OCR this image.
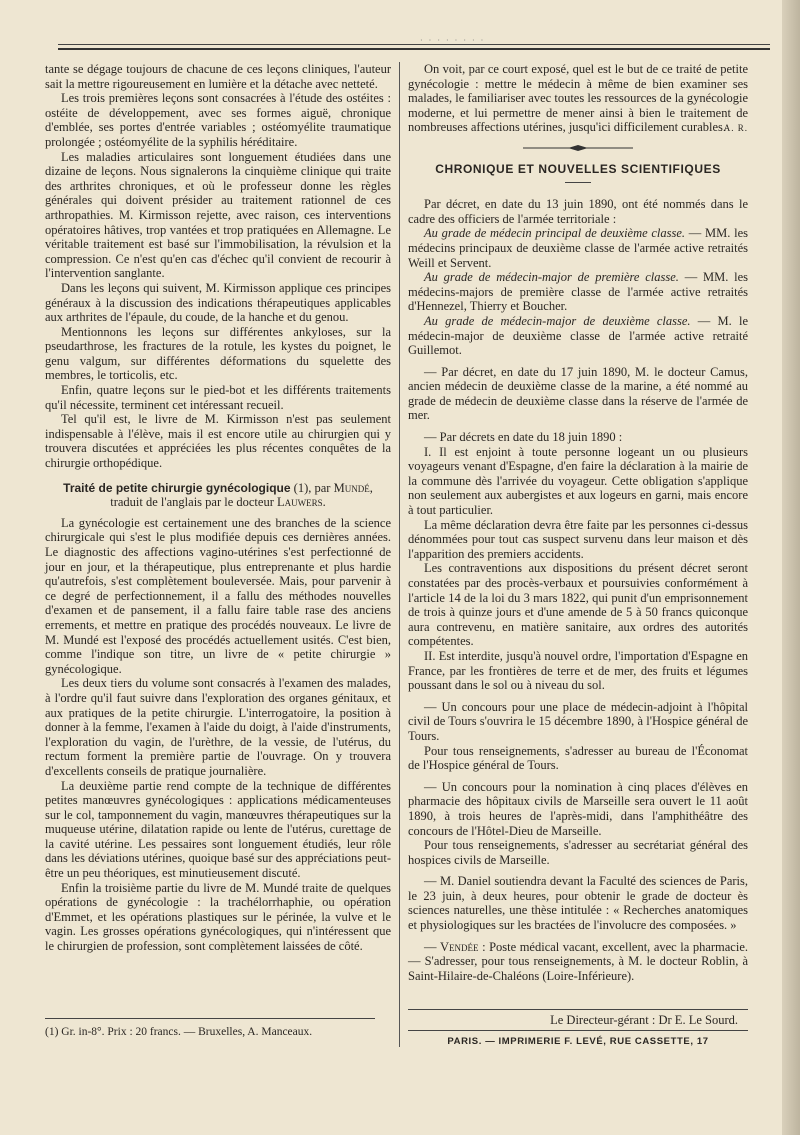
· · · · · · · ·

tante se dégage toujours de chacune de ces leçons cliniques, l'auteur sait la mettre rigoureusement en lumière et la détache avec netteté.

Les trois premières leçons sont consacrées à l'étude des ostéites : ostéite de développement, avec ses formes aiguë, chronique d'emblée, ses portes d'entrée variables ; ostéomyélite traumatique prolongée ; ostéomyélite de la syphilis héréditaire.

Les maladies articulaires sont longuement étudiées dans une dizaine de leçons. Nous signalerons la cinquième clinique qui traite des arthrites chroniques, et où le professeur donne les règles générales qui doivent présider au traitement rationnel de ces arthropathies. M. Kirmisson rejette, avec raison, ces interventions opératoires hâtives, trop vantées et trop pratiquées en Allemagne. Le véritable traitement est basé sur l'immobilisation, la révulsion et la compression. Ce n'est qu'en cas d'échec qu'il convient de recourir à l'intervention sanglante.

Dans les leçons qui suivent, M. Kirmisson applique ces principes généraux à la discussion des indications thérapeutiques applicables aux arthrites de l'épaule, du coude, de la hanche et du genou.

Mentionnons les leçons sur différentes ankyloses, sur la pseudarthrose, les fractures de la rotule, les kystes du poignet, le genu valgum, sur différentes déformations du squelette des membres, le torticolis, etc.

Enfin, quatre leçons sur le pied-bot et les différents traitements qu'il nécessite, terminent cet intéressant recueil.

Tel qu'il est, le livre de M. Kirmisson n'est pas seulement indispensable à l'élève, mais il est encore utile au chirurgien qui y trouvera discutées et appréciées les plus récentes conquêtes de la chirurgie orthopédique.

Traité de petite chirurgie gynécologique (1), par Mundé,
traduit de l'anglais par le docteur Lauwers.

La gynécologie est certainement une des branches de la science chirurgicale qui s'est le plus modifiée depuis ces dernières années. Le diagnostic des affections vagino-utérines s'est perfectionné de jour en jour, et la thérapeutique, plus entreprenante et plus hardie qu'autrefois, s'est complètement bouleversée. Mais, pour parvenir à ce degré de perfectionnement, il a fallu des méthodes nouvelles d'examen et de pansement, il a fallu faire table rase des anciens errements, et mettre en pratique des procédés nouveaux. Le livre de M. Mundé est l'exposé des procédés actuellement usités. C'est bien, comme l'indique son titre, un livre de « petite chirurgie » gynécologique.

Les deux tiers du volume sont consacrés à l'examen des malades, à l'ordre qu'il faut suivre dans l'exploration des organes génitaux, et aux pratiques de la petite chirurgie. L'interrogatoire, la position à donner à la femme, l'examen à l'aide du doigt, à l'aide d'instruments, l'exploration du vagin, de l'urèthre, de la vessie, de l'utérus, du rectum forment la première partie de l'ouvrage. On y trouvera d'excellents conseils de pratique journalière.

La deuxième partie rend compte de la technique de différentes petites manœuvres gynécologiques : applications médicamenteuses sur le col, tamponnement du vagin, manœuvres thérapeutiques sur la muqueuse utérine, dilatation rapide ou lente de l'utérus, curettage de la cavité utérine. Les pessaires sont longuement étudiés, leur rôle dans les déviations utérines, quoique basé sur des appréciations peut-être un peu théoriques, est minutieusement discuté.

Enfin la troisième partie du livre de M. Mundé traite de quelques opérations de gynécologie : la trachélorrhaphie, ou opération d'Emmet, et les opérations plastiques sur le périnée, la vulve et le vagin. Les grosses opérations gynécologiques, qui n'intéressent que le chirurgien de profession, sont complètement laissées de côté.

(1) Gr. in-8°. Prix : 20 francs. — Bruxelles, A. Manceaux.

On voit, par ce court exposé, quel est le but de ce traité de petite gynécologie : mettre le médecin à même de bien examiner ses malades, le familiariser avec toutes les ressources de la gynécologie moderne, et lui permettre de mener ainsi à bien le traitement de nombreuses affections utérines, jusqu'ici difficilement curables.

A. R.

CHRONIQUE ET NOUVELLES SCIENTIFIQUES

Par décret, en date du 13 juin 1890, ont été nommés dans le cadre des officiers de l'armée territoriale :

Au grade de médecin principal de deuxième classe. — MM. les médecins principaux de deuxième classe de l'armée active retraités Weill et Servent.

Au grade de médecin-major de première classe. — MM. les médecins-majors de première classe de l'armée active retraités d'Hennezel, Thierry et Boucher.

Au grade de médecin-major de deuxième classe. — M. le médecin-major de deuxième classe de l'armée active retraité Guillemot.

— Par décret, en date du 17 juin 1890, M. le docteur Camus, ancien médecin de deuxième classe de la marine, a été nommé au grade de médecin de deuxième classe dans la réserve de l'armée de mer.

— Par décrets en date du 18 juin 1890 :

I. Il est enjoint à toute personne logeant un ou plusieurs voyageurs venant d'Espagne, d'en faire la déclaration à la mairie de la commune dès l'arrivée du voyageur. Cette obligation s'applique non seulement aux aubergistes et aux logeurs en garni, mais encore à tout particulier.

La même déclaration devra être faite par les personnes ci-dessus dénommées pour tout cas suspect survenu dans leur maison et dès l'apparition des premiers accidents.

Les contraventions aux dispositions du présent décret seront constatées par des procès-verbaux et poursuivies conformément à l'article 14 de la loi du 3 mars 1822, qui punit d'un emprisonnement de trois à quinze jours et d'une amende de 5 à 50 francs quiconque aura contrevenu, en matière sanitaire, aux ordres des autorités compétentes.

II. Est interdite, jusqu'à nouvel ordre, l'importation d'Espagne en France, par les frontières de terre et de mer, des fruits et légumes poussant dans le sol ou à niveau du sol.

— Un concours pour une place de médecin-adjoint à l'hôpital civil de Tours s'ouvrira le 15 décembre 1890, à l'Hospice général de Tours.

Pour tous renseignements, s'adresser au bureau de l'Économat de l'Hospice général de Tours.

— Un concours pour la nomination à cinq places d'élèves en pharmacie des hôpitaux civils de Marseille sera ouvert le 11 août 1890, à trois heures de l'après-midi, dans l'amphithéâtre des concours de l'Hôtel-Dieu de Marseille.

Pour tous renseignements, s'adresser au secrétariat général des hospices civils de Marseille.

— M. Daniel soutiendra devant la Faculté des sciences de Paris, le 23 juin, à deux heures, pour obtenir le grade de docteur ès sciences naturelles, une thèse intitulée : « Recherches anatomiques et physiologiques sur les bractées de l'involucre des composées. »

— Vendée : Poste médical vacant, excellent, avec la pharmacie. — S'adresser, pour tous renseignements, à M. le docteur Roblin, à Saint-Hilaire-de-Chaléons (Loire-Inférieure).

Le Directeur-gérant : Dr E. Le Sourd.
PARIS. — IMPRIMERIE F. LEVÉ, RUE CASSETTE, 17
